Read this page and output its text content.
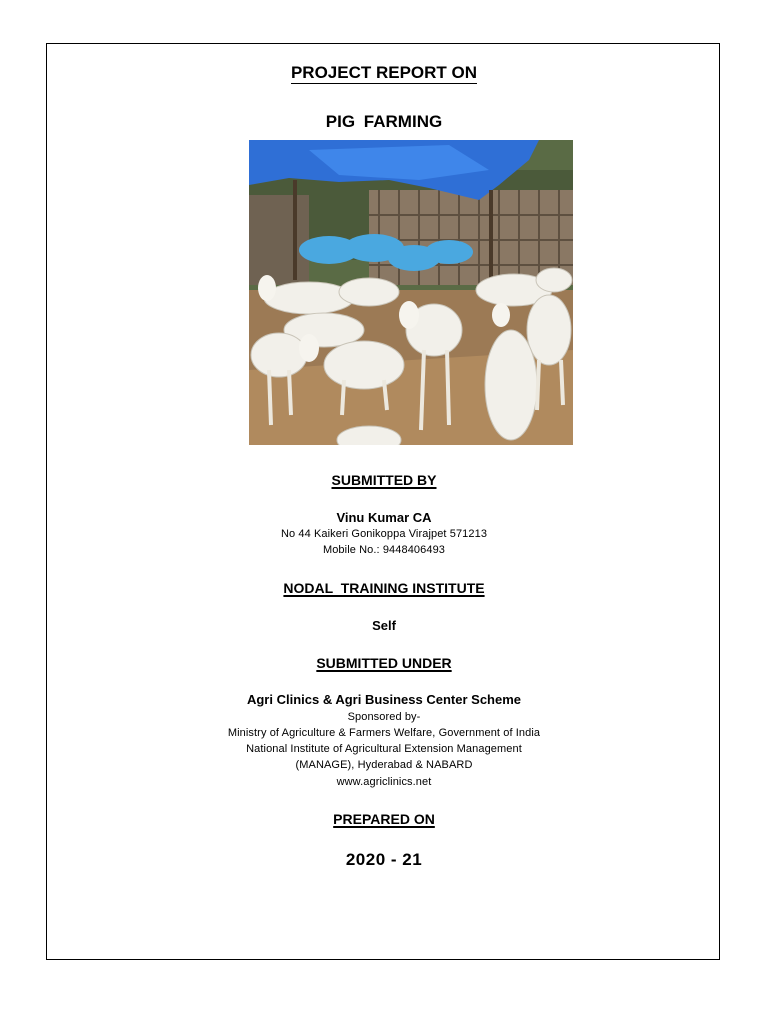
PROJECT REPORT ON
PIG FARMING
SUBMITTED BY
Vinu Kumar CA
No 44 Kaikeri Gonikoppa Virajpet 571213
Mobile No.: 9448406493
NODAL  TRAINING INSTITUTE
Self
SUBMITTED UNDER
Agri Clinics & Agri Business Center Scheme
Sponsored by-
Ministry of Agriculture & Farmers Welfare, Government of India
National Institute of Agricultural Extension Management
(MANAGE), Hyderabad & NABARD
www.agriclinics.net
PREPARED ON
2020 - 21
